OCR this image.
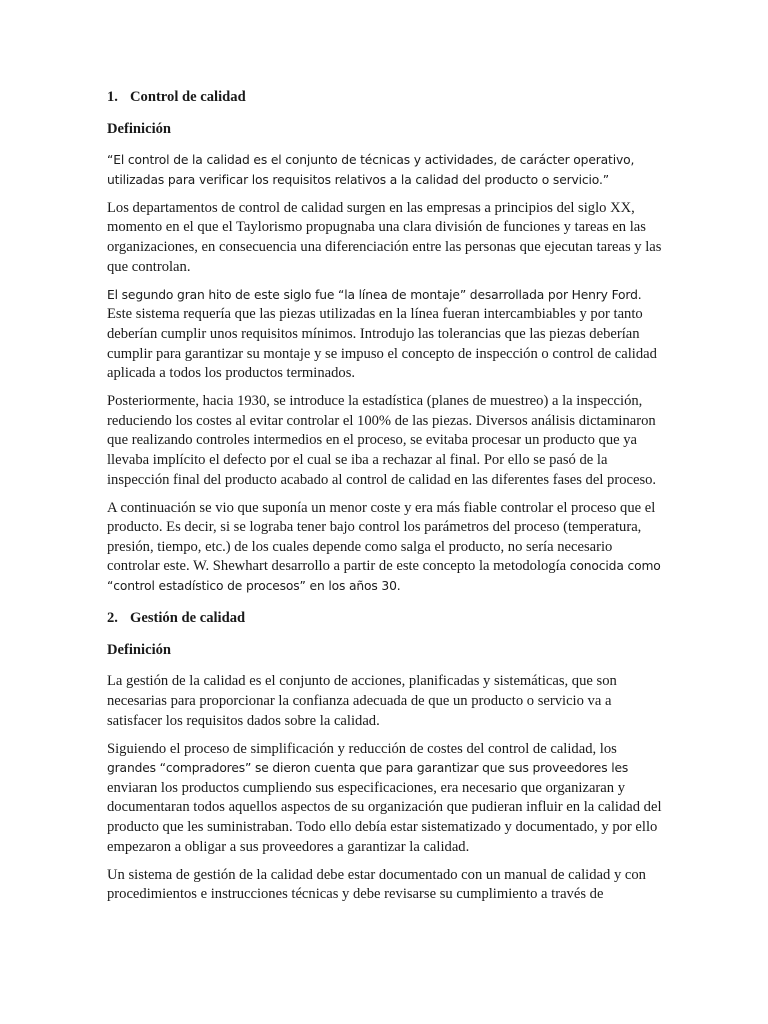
1. Control de calidad
Definición

“El control de la calidad es el conjunto de técnicas y actividades, de carácter operativo, utilizadas para verificar los requisitos relativos a la calidad del producto o servicio.”

Los departamentos de control de calidad surgen en las empresas a principios del siglo XX, momento en el que el Taylorismo propugnaba una clara división de funciones y tareas en las organizaciones, en consecuencia una diferenciación entre las personas que ejecutan tareas y las que controlan.

El segundo gran hito de este siglo fue “la línea de montaje” desarrollada por Henry Ford. Este sistema requería que las piezas utilizadas en la línea fueran intercambiables y por tanto deberían cumplir unos requisitos mínimos. Introdujo las tolerancias que las piezas deberían cumplir para garantizar su montaje y se impuso el concepto de inspección o control de calidad aplicada a todos los productos terminados.

Posteriormente, hacia 1930, se introduce la estadística (planes de muestreo) a la inspección, reduciendo los costes al evitar controlar el 100% de las piezas. Diversos análisis dictaminaron que realizando controles intermedios en el proceso, se evitaba procesar un producto que ya llevaba implícito el defecto por el cual se iba a rechazar al final. Por ello se pasó de la inspección final del producto acabado al control de calidad en las diferentes fases del proceso.

A continuación se vio que suponía un menor coste y era más fiable controlar el proceso que el producto. Es decir, si se lograba tener bajo control los parámetros del proceso (temperatura, presión, tiempo, etc.) de los cuales depende como salga el producto, no sería necesario controlar este. W. Shewhart desarrollo a partir de este concepto la metodología conocida como “control estadístico de procesos” en los años 30.

2. Gestión de calidad
Definición

La gestión de la calidad es el conjunto de acciones, planificadas y sistemáticas, que son necesarias para proporcionar la confianza adecuada de que un producto o servicio va a satisfacer los requisitos dados sobre la calidad.

Siguiendo el proceso de simplificación y reducción de costes del control de calidad, los grandes “compradores” se dieron cuenta que para garantizar que sus proveedores les enviaran los productos cumpliendo sus especificaciones, era necesario que organizaran y documentaran todos aquellos aspectos de su organización que pudieran influir en la calidad del producto que les suministraban. Todo ello debía estar sistematizado y documentado, y por ello empezaron a obligar a sus proveedores a garantizar la calidad.

Un sistema de gestión de la calidad debe estar documentado con un manual de calidad y con procedimientos e instrucciones técnicas y debe revisarse su cumplimiento a través de
